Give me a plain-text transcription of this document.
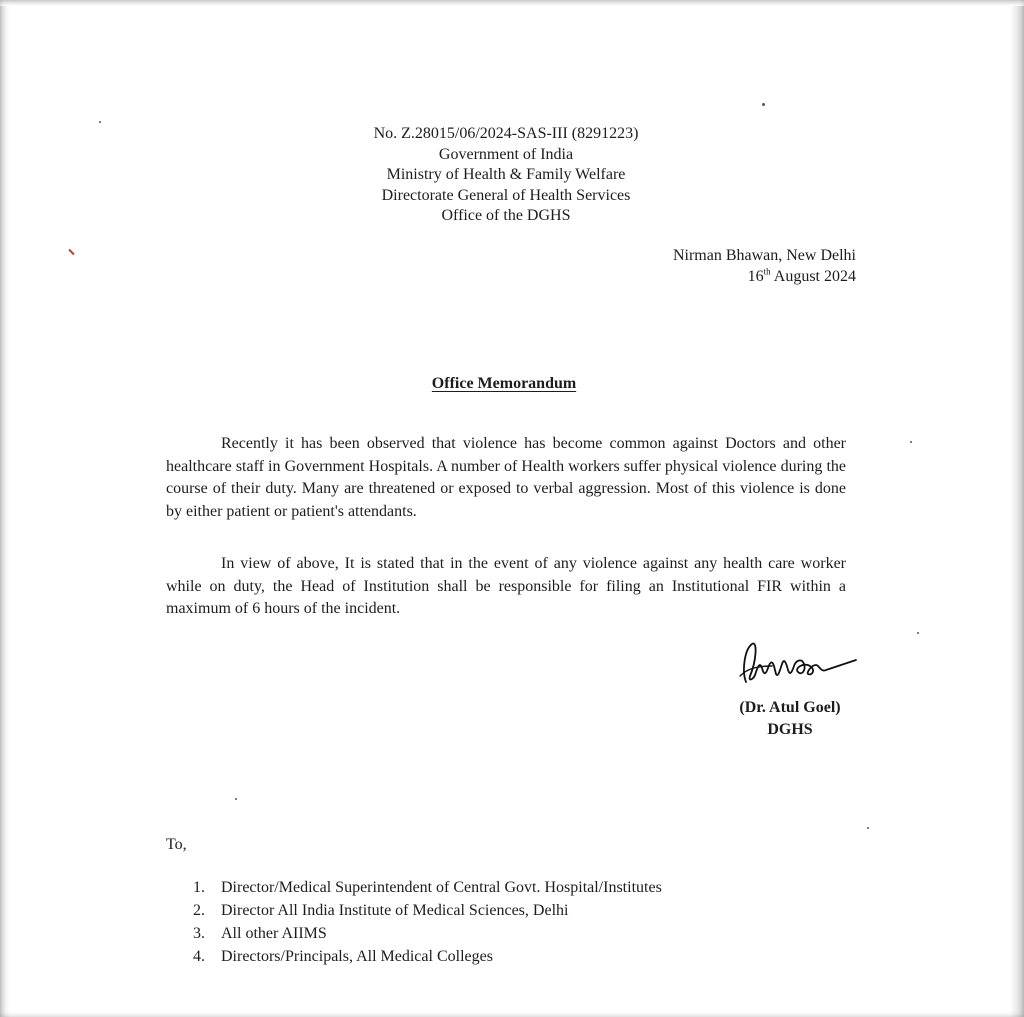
No. Z.28015/06/2024-SAS-III (8291223)
Government of India
Ministry of Health & Family Welfare
Directorate General of Health Services
Office of the DGHS
Nirman Bhawan, New Delhi
16th August 2024
Office Memorandum
Recently it has been observed that violence has become common against Doctors and other healthcare staff in Government Hospitals. A number of Health workers suffer physical violence during the course of their duty. Many are threatened or exposed to verbal aggression. Most of this violence is done by either patient or patient's attendants.
In view of above, It is stated that in the event of any violence against any health care worker while on duty, the Head of Institution shall be responsible for filing an Institutional FIR within a maximum of 6 hours of the incident.
(Dr. Atul Goel)
DGHS
To,
1. Director/Medical Superintendent of Central Govt. Hospital/Institutes
2. Director All India Institute of Medical Sciences, Delhi
3. All other AIIMS
4. Directors/Principals, All Medical Colleges
